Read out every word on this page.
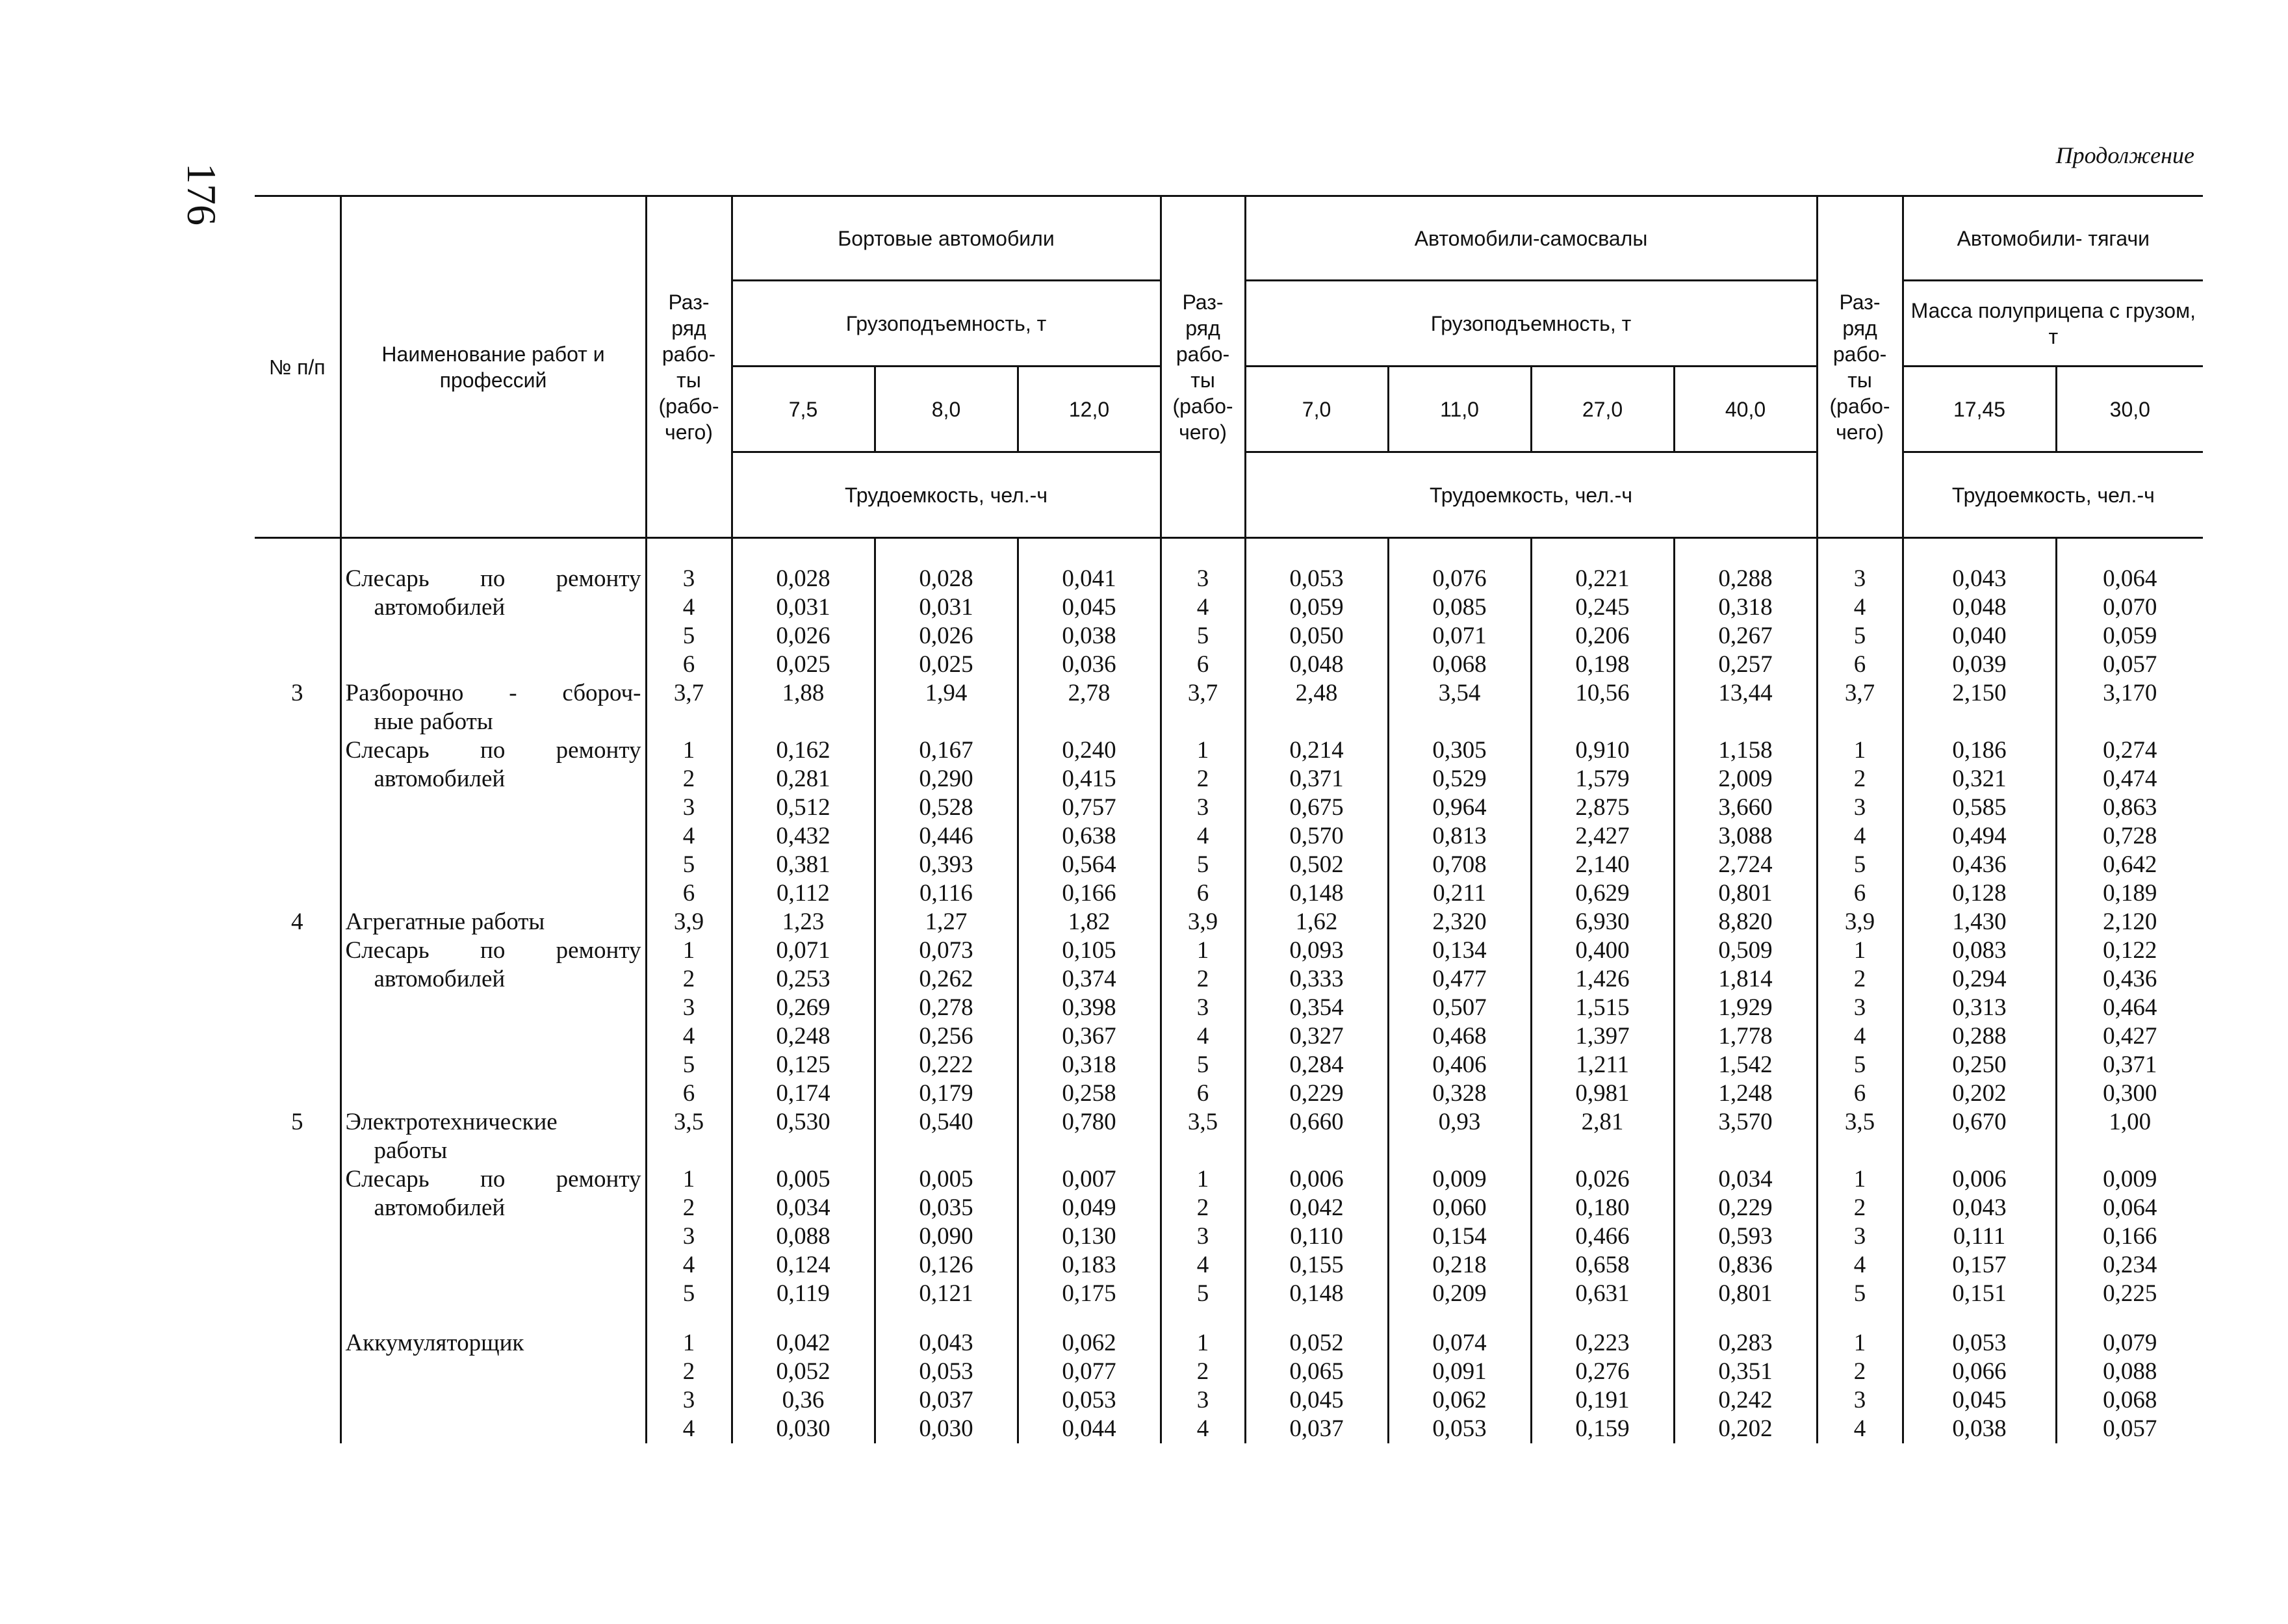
176
Продолжение
№ п/п	Наименование работ и профессий	Раз- ряд рабо- ты (рабо- чего)	Бортовые автомобили			Раз- ряд рабо- ты (рабо- чего)	Автомобили-самосвалы				Раз- ряд рабо- ты (рабо- чего)	Автомобили- тягачи	
			Грузоподъемность, т				Грузоподъемность, т					Масса полуприцепа с грузом, т	
			7,5	8,0	12,0		7,0	11,0	27,0	40,0		17,45	30,0
			Трудоемкость, чел.-ч				Трудоемкость, чел.-ч					Трудоемкость, чел.-ч	
	Слесарь по ремонту	3	0,028	0,028	0,041	3	0,053	0,076	0,221	0,288	3	0,043	0,064
	автомобилей	4	0,031	0,031	0,045	4	0,059	0,085	0,245	0,318	4	0,048	0,070
		5	0,026	0,026	0,038	5	0,050	0,071	0,206	0,267	5	0,040	0,059
		6	0,025	0,025	0,036	6	0,048	0,068	0,198	0,257	6	0,039	0,057
3	Разборочно - сбороч-	3,7	1,88	1,94	2,78	3,7	2,48	3,54	10,56	13,44	3,7	2,150	3,170
	ные работы												
	Слесарь по ремонту	1	0,162	0,167	0,240	1	0,214	0,305	0,910	1,158	1	0,186	0,274
	автомобилей	2	0,281	0,290	0,415	2	0,371	0,529	1,579	2,009	2	0,321	0,474
		3	0,512	0,528	0,757	3	0,675	0,964	2,875	3,660	3	0,585	0,863
		4	0,432	0,446	0,638	4	0,570	0,813	2,427	3,088	4	0,494	0,728
		5	0,381	0,393	0,564	5	0,502	0,708	2,140	2,724	5	0,436	0,642
		6	0,112	0,116	0,166	6	0,148	0,211	0,629	0,801	6	0,128	0,189
4	Агрегатные работы	3,9	1,23	1,27	1,82	3,9	1,62	2,320	6,930	8,820	3,9	1,430	2,120
	Слесарь по ремонту	1	0,071	0,073	0,105	1	0,093	0,134	0,400	0,509	1	0,083	0,122
	автомобилей	2	0,253	0,262	0,374	2	0,333	0,477	1,426	1,814	2	0,294	0,436
		3	0,269	0,278	0,398	3	0,354	0,507	1,515	1,929	3	0,313	0,464
		4	0,248	0,256	0,367	4	0,327	0,468	1,397	1,778	4	0,288	0,427
		5	0,125	0,222	0,318	5	0,284	0,406	1,211	1,542	5	0,250	0,371
		6	0,174	0,179	0,258	6	0,229	0,328	0,981	1,248	6	0,202	0,300
5	Электротехнические	3,5	0,530	0,540	0,780	3,5	0,660	0,93	2,81	3,570	3,5	0,670	1,00
	работы												
	Слесарь по ремонту	1	0,005	0,005	0,007	1	0,006	0,009	0,026	0,034	1	0,006	0,009
	автомобилей	2	0,034	0,035	0,049	2	0,042	0,060	0,180	0,229	2	0,043	0,064
		3	0,088	0,090	0,130	3	0,110	0,154	0,466	0,593	3	0,111	0,166
		4	0,124	0,126	0,183	4	0,155	0,218	0,658	0,836	4	0,157	0,234
		5	0,119	0,121	0,175	5	0,148	0,209	0,631	0,801	5	0,151	0,225

	Аккумуляторщик	1	0,042	0,043	0,062	1	0,052	0,074	0,223	0,283	1	0,053	0,079
		2	0,052	0,053	0,077	2	0,065	0,091	0,276	0,351	2	0,066	0,088
		3	0,36	0,037	0,053	3	0,045	0,062	0,191	0,242	3	0,045	0,068
		4	0,030	0,030	0,044	4	0,037	0,053	0,159	0,202	4	0,038	0,057
